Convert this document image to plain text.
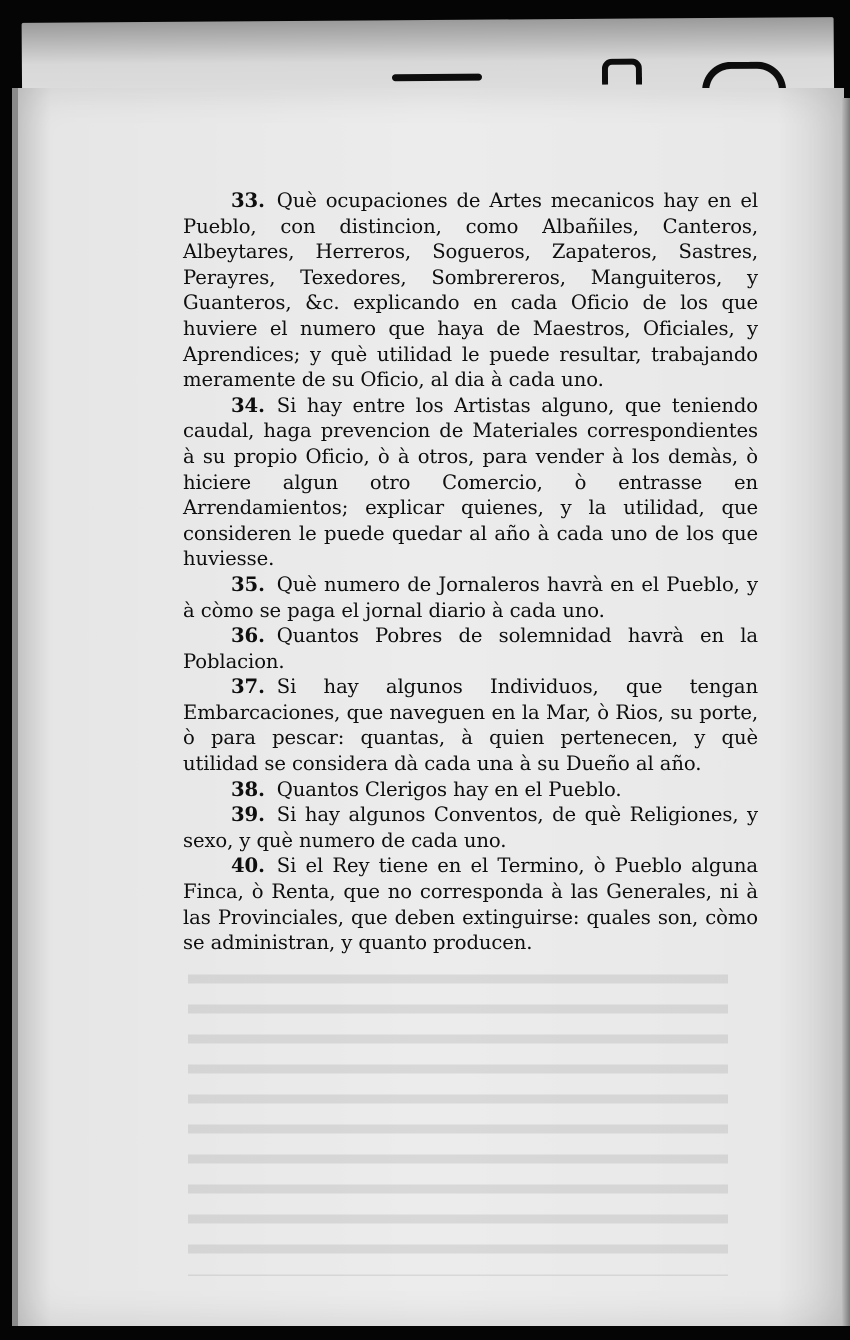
33. Què ocupaciones de Artes mecanicos hay en el Pueblo, con distincion, como Albañiles, Canteros, Albeytares, Herreros, Sogueros, Zapateros, Sastres, Perayres, Texedores, Sombrereros, Manguiteros, y Guanteros, &c. explicando en cada Oficio de los que huviere el numero que haya de Maestros, Oficiales, y Aprendices; y què utilidad le puede resultar, trabajando meramente de su Oficio, al dia à cada uno.

34. Si hay entre los Artistas alguno, que teniendo caudal, haga prevencion de Materiales correspondientes à su propio Oficio, ò à otros, para vender à los demàs, ò hiciere algun otro Comercio, ò entrasse en Arrendamientos; explicar quienes, y la utilidad, que consideren le puede quedar al año à cada uno de los que huviesse.

35. Què numero de Jornaleros havrà en el Pueblo, y à còmo se paga el jornal diario à cada uno.

36. Quantos Pobres de solemnidad havrà en la Poblacion.

37. Si hay algunos Individuos, que tengan Embarcaciones, que naveguen en la Mar, ò Rios, su porte, ò para pescar: quantas, à quien pertenecen, y què utilidad se considera dà cada una à su Dueño al año.

38. Quantos Clerigos hay en el Pueblo.

39. Si hay algunos Conventos, de què Religiones, y sexo, y què numero de cada uno.

40. Si el Rey tiene en el Termino, ò Pueblo alguna Finca, ò Renta, que no corresponda à las Generales, ni à las Provinciales, que deben extinguirse: quales son, còmo se administran, y quanto producen.
